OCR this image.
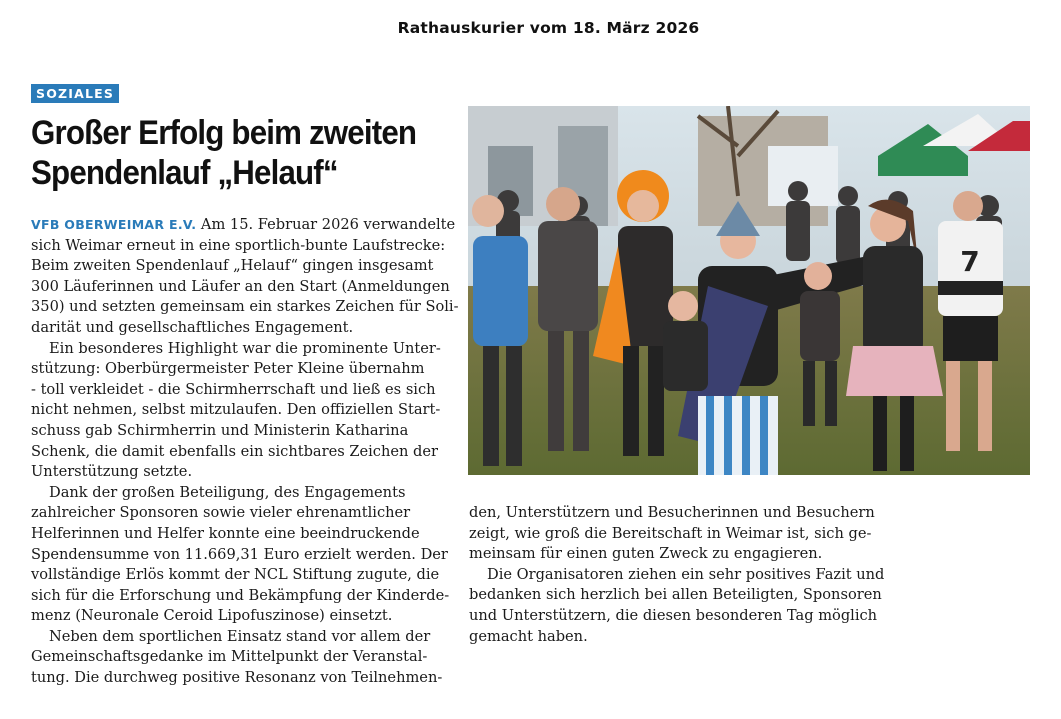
Rathauskurier vom 18. März 2026
SOZIALES
Großer Erfolg beim zweiten
Spendenlauf „Helauf“
VFB OBERWEIMAR E.V. Am 15. Februar 2026 verwandelte
sich Weimar erneut in eine sportlich-bunte Laufstrecke:
Beim zweiten Spendenlauf „Helauf“ gingen insgesamt
300 Läuferinnen und Läufer an den Start (Anmeldungen
350) und setzten gemeinsam ein starkes Zeichen für Soli-
darität und gesellschaftliches Engagement.
Ein besonderes Highlight war die prominente Unter-
stützung: Oberbürgermeister Peter Kleine übernahm
- toll verkleidet - die Schirmherrschaft und ließ es sich
nicht nehmen, selbst mitzulaufen. Den offiziellen Start-
schuss gab Schirmherrin und Ministerin Katharina
Schenk, die damit ebenfalls ein sichtbares Zeichen der
Unterstützung setzte.
Dank der großen Beteiligung, des Engagements
zahlreicher Sponsoren sowie vieler ehrenamtlicher
Helferinnen und Helfer konnte eine beeindruckende
Spendensumme von 11.669,31 Euro erzielt werden. Der
vollständige Erlös kommt der NCL Stiftung zugute, die
sich für die Erforschung und Bekämpfung der Kinderde-
menz (Neuronale Ceroid Lipofuszinose) einsetzt.
Neben dem sportlichen Einsatz stand vor allem der
Gemeinschaftsgedanke im Mittelpunkt der Veranstal-
tung. Die durchweg positive Resonanz von Teilnehmen-
7
den, Unterstützern und Besucherinnen und Besuchern
zeigt, wie groß die Bereitschaft in Weimar ist, sich ge-
meinsam für einen guten Zweck zu engagieren.
Die Organisatoren ziehen ein sehr positives Fazit und
bedanken sich herzlich bei allen Beteiligten, Sponsoren
und Unterstützern, die diesen besonderen Tag möglich
gemacht haben.
